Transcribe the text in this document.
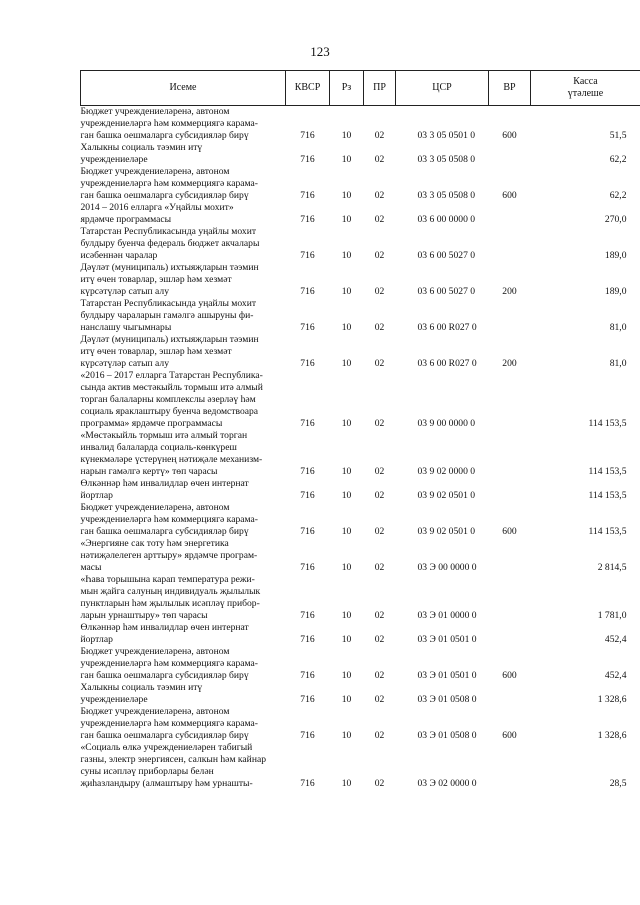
123
Исеме	КВСР	Рз	ПР	ЦСР	ВР	Касса
үтәлеше

Бюджет учреждениеләренә, автоном
учреждениеләргә һәм коммерциягә карама-
ган башка оешмаларга субсидияләр бирү	716	10	02	03 3 05 0501 0	600	51,5
Халыкны социаль тәэмин итү
учреждениеләре	716	10	02	03 3 05 0508 0		62,2
Бюджет учреждениеләренә, автоном
учреждениеләргә һәм коммерциягә карама-
ган башка оешмаларга субсидияләр бирү	716	10	02	03 3 05 0508 0	600	62,2
2014 – 2016 елларга «Уңайлы мохит»
ярдәмче программасы	716	10	02	03 6 00 0000 0		270,0
Татарстан Республикасында уңайлы мохит
булдыру буенча федераль бюджет акчалары
исәбеннән чаралар	716	10	02	03 6 00 5027 0		189,0
Дәүләт (муниципаль) ихтыяҗларын тәэмин
итү өчен товарлар, эшләр һәм хезмәт
күрсәтүләр сатып алу	716	10	02	03 6 00 5027 0	200	189,0
Татарстан Республикасында уңайлы мохит
булдыру чараларын гамәлгә ашыруны фи-
нанслашу чыгымнары	716	10	02	03 6 00 R027 0		81,0
Дәүләт (муниципаль) ихтыяҗларын тәэмин
итү өчен товарлар, эшләр һәм хезмәт
күрсәтүләр сатып алу	716	10	02	03 6 00 R027 0	200	81,0
«2016 – 2017 елларга Татарстан Республика-
сында актив мөстәкыйль тормыш итә алмый
торган балаларны комплекслы әзерләү һәм
социаль яраклаштыру буенча ведомствоара
программа» ярдәмче программасы	716	10	02	03 9 00 0000 0		114 153,5
«Мөстәкыйль тормыш итә алмый торган
инвалид балаларда социаль-көнкүреш
күнекмәләре үстерүнең нәтиҗәле механизм-
нарын гамәлгә кертү» төп чарасы	716	10	02	03 9 02 0000 0		114 153,5
Өлкәннәр һәм инвалидлар өчен интернат
йортлар	716	10	02	03 9 02 0501 0		114 153,5
Бюджет учреждениеләренә, автоном
учреждениеләргә һәм коммерциягә карама-
ган башка оешмаларга субсидияләр бирү	716	10	02	03 9 02 0501 0	600	114 153,5
«Энергияне сак тоту һәм энергетика
нәтиҗәлелеген арттыру» ярдәмче програм-
масы	716	10	02	03 Э 00 0000 0		2 814,5
«Һава торышына карап температура режи-
мын җайга салуның индивидуаль җылылык
пунктларын һәм җылылык исәпләү прибор-
ларын урнаштыру» төп чарасы	716	10	02	03 Э 01 0000 0		1 781,0
Өлкәннәр һәм инвалидлар өчен интернат
йортлар	716	10	02	03 Э 01 0501 0		452,4
Бюджет учреждениеләренә, автоном
учреждениеләргә һәм коммерциягә карама-
ган башка оешмаларга субсидияләр бирү	716	10	02	03 Э 01 0501 0	600	452,4
Халыкны социаль тәэмин итү
учреждениеләре	716	10	02	03 Э 01 0508 0		1 328,6
Бюджет учреждениеләренә, автоном
учреждениеләргә һәм коммерциягә карама-
ган башка оешмаларга субсидияләр бирү	716	10	02	03 Э 01 0508 0	600	1 328,6
«Социаль өлкә учреждениеләрен табигый
газны, электр энергиясен, салкын һәм кайнар
суны исәпләү приборлары белән
җиһазландыру (алмаштыру һәм урнашты-	716	10	02	03 Э 02 0000 0		28,5
